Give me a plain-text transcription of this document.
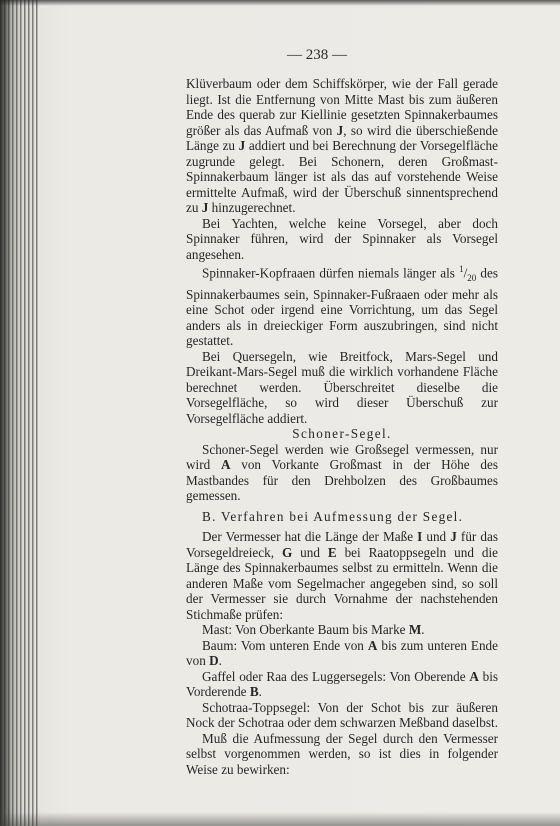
— 238 —

Klüverbaum oder dem Schiffskörper, wie der Fall gerade liegt. Ist die Entfernung von Mitte Mast bis zum äußeren Ende des querab zur Kiellinie gesetzten Spinnakerbaumes größer als das Aufmaß von J, so wird die überschießende Länge zu J addiert und bei Berechnung der Vorsegelfläche zugrunde gelegt. Bei Schonern, deren Großmast-Spinnakerbaum länger ist als das auf vorstehende Weise ermittelte Aufmaß, wird der Überschuß sinnentsprechend zu J hinzugerechnet.

Bei Yachten, welche keine Vorsegel, aber doch Spinnaker führen, wird der Spinnaker als Vorsegel angesehen.

Spinnaker-Kopfraaen dürfen niemals länger als $^1/_{20}$ des Spinnakerbaumes sein, Spinnaker-Fußraaen oder mehr als eine Schot oder irgend eine Vorrichtung, um das Segel anders als in dreieckiger Form auszubringen, sind nicht gestattet.

Bei Quersegeln, wie Breitfock, Mars-Segel und Dreikant-Mars-Segel muß die wirklich vorhandene Fläche berechnet werden. Überschreitet dieselbe die Vorsegelfläche, so wird dieser Überschuß zur Vorsegelfläche addiert.

Schoner-Segel.

Schoner-Segel werden wie Großsegel vermessen, nur wird A von Vorkante Großmast in der Höhe des Mastbandes für den Drehbolzen des Großbaumes gemessen.

B. Verfahren bei Aufmessung der Segel.

Der Vermesser hat die Länge der Maße I und J für das Vorsegeldreieck, G und E bei Raatoppsegeln und die Länge des Spinnakerbaumes selbst zu ermitteln. Wenn die anderen Maße vom Segelmacher angegeben sind, so soll der Vermesser sie durch Vornahme der nachstehenden Stichmaße prüfen:

Mast: Von Oberkante Baum bis Marke M.

Baum: Vom unteren Ende von A bis zum unteren Ende von D.

Gaffel oder Raa des Luggersegels: Von Oberende A bis Vorderende B.

Schotraa-Toppsegel: Von der Schot bis zur äußeren Nock der Schotraa oder dem schwarzen Meßband daselbst.

Muß die Aufmessung der Segel durch den Vermesser selbst vorgenommen werden, so ist dies in folgender Weise zu bewirken:
